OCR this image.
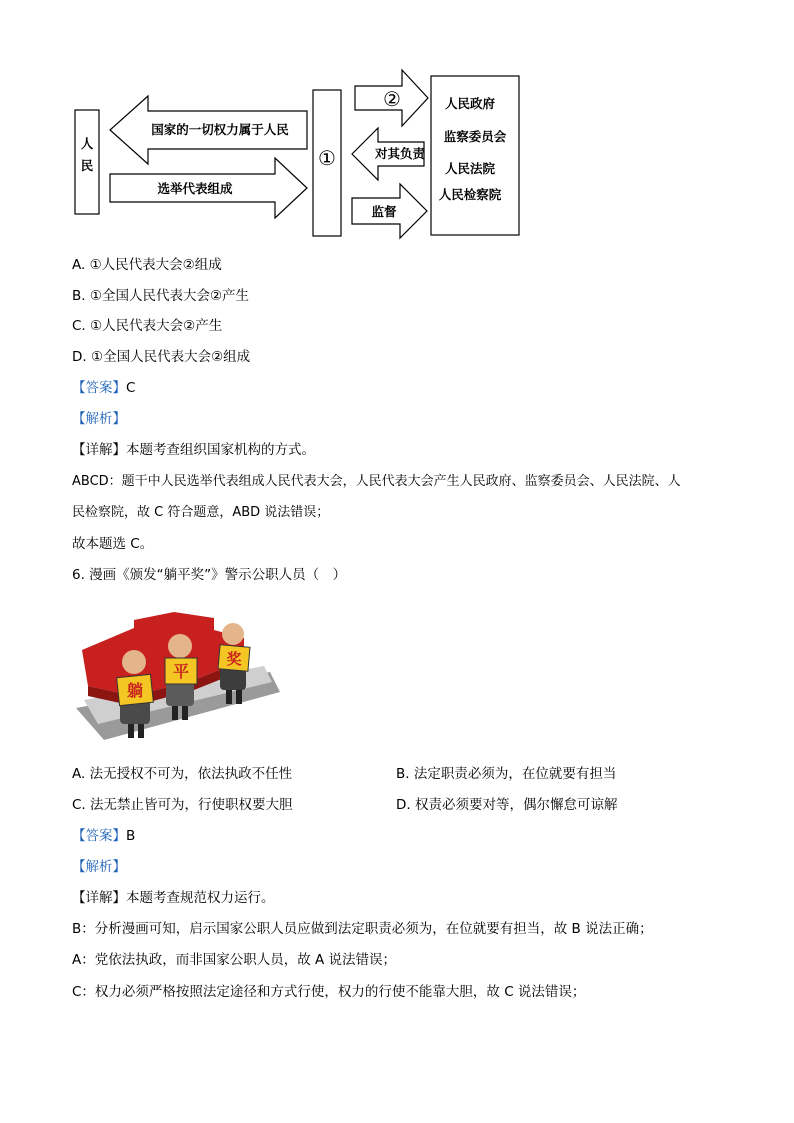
人
民
国家的一切权力属于人民
选举代表组成
①
②
对其负责
监督
人民政府
监察委员会
人民法院
人民检察院
A. ①人民代表大会②组成
B. ①全国人民代表大会②产生
C. ①人民代表大会②产生
D. ①全国人民代表大会②组成
【答案】C
【解析】
【详解】本题考查组织国家机构的方式。
ABCD：题干中人民选举代表组成人民代表大会，人民代表大会产生人民政府、监察委员会、人民法院、人
民检察院，故 C 符合题意，ABD 说法错误；
故本题选 C。
6. 漫画《颁发“躺平奖”》警示公职人员（　）
躺
平
奖
A. 法无授权不可为，依法执政不任性	B. 法定职责必须为，在位就要有担当
C. 法无禁止皆可为，行使职权要大胆	D. 权责必须要对等，偶尔懈怠可谅解
【答案】B
【解析】
【详解】本题考查规范权力运行。
B：分析漫画可知，启示国家公职人员应做到法定职责必须为，在位就要有担当，故 B 说法正确；
A：党依法执政，而非国家公职人员，故 A 说法错误；
C：权力必须严格按照法定途径和方式行使，权力的行使不能靠大胆，故 C 说法错误；
